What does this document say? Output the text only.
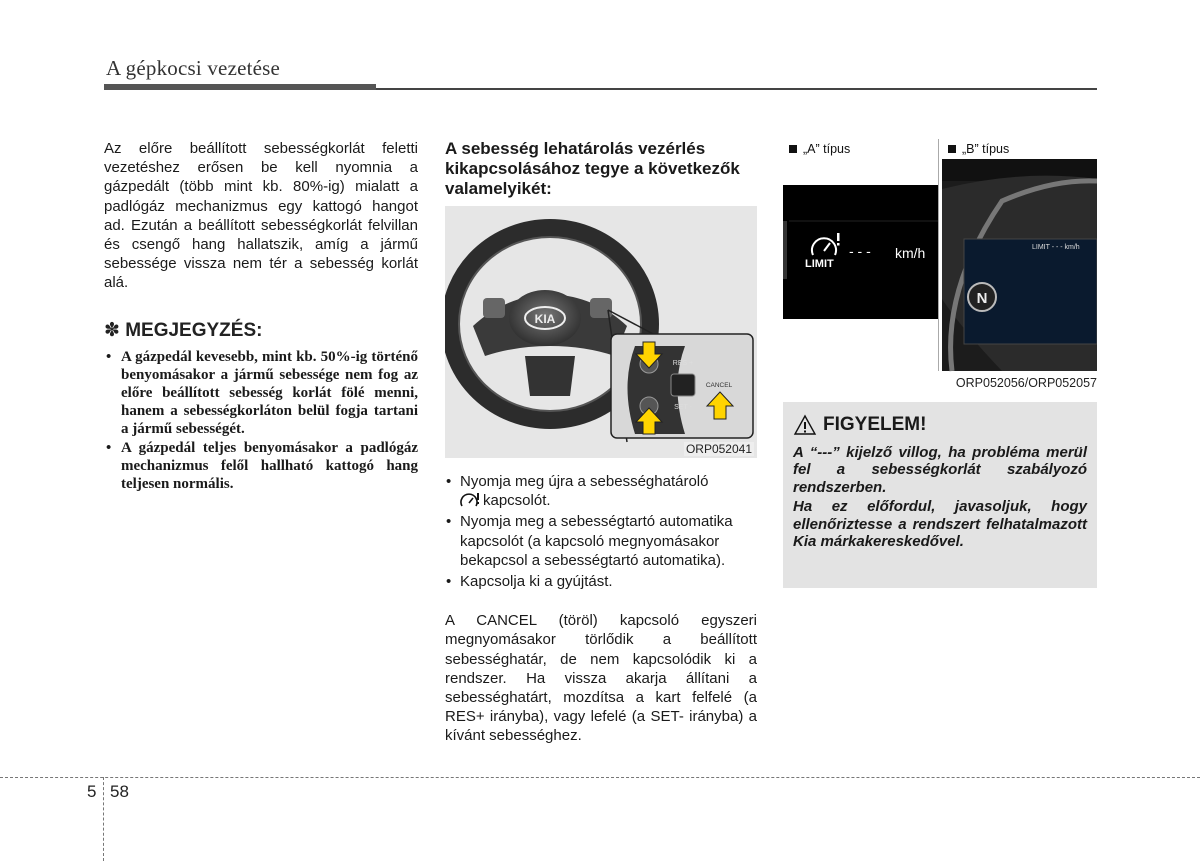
A gépkocsi vezetése

Az előre beállított sebességkorlát feletti vezetéshez erősen be kell nyomnia a gázpedált (több mint kb. 80%-ig) mialatt a padlógáz mechanizmus egy kattogó hangot ad. Ezután a beállított sebességkorlát felvillan és csengő hang hallatszik, amíg a jármű sebessége vissza nem tér a sebesség korlát alá.

✽ MEGJEGYZÉS:
• A gázpedál kevesebb, mint kb. 50%-ig történő benyomásakor a jármű sebessége nem fog az előre beállított sebesség korlát fölé menni, hanem a sebességkorláton belül fogja tartani a jármű sebességét.
• A gázpedál teljes benyomásakor a padlógáz mechanizmus felől hallható kattogó hang teljesen normális.

A sebesség lehatárolás vezérlés kikapcsolásához tegye a következők valamelyikét:

KIA
RES +
SET -
CANCEL
ORP052041
• Nyomja meg újra a sebességhatároló
kapcsolót.
• Nyomja meg a sebességtartó automatika kapcsolót (a kapcsoló megnyomásakor bekapcsol a sebességtartó automatika).
• Kapcsolja ki a gyújtást.

A CANCEL (töröl) kapcsoló egyszeri megnyomásakor törlődik a beállított sebességhatár, de nem kapcsolódik ki a rendszer. Ha vissza akarja állítani a sebességhatárt, mozdítsa a kart felfelé (a RES+ irányba), vagy lefelé (a SET- irányba) a kívánt sebességhez.

„A” típus
LIMIT
- - - km/h
„B” típus
LIMIT - - - km/h
N
ORP052056/ORP052057
FIGYELEM!

A “---” kijelző villog, ha probléma merül fel a sebességkorlát szabályozó rendszerben.

Ha ez előfordul, javasoljuk, hogy ellenőriztesse a rendszert felhatalmazott Kia márkakereskedővel.

5 58
